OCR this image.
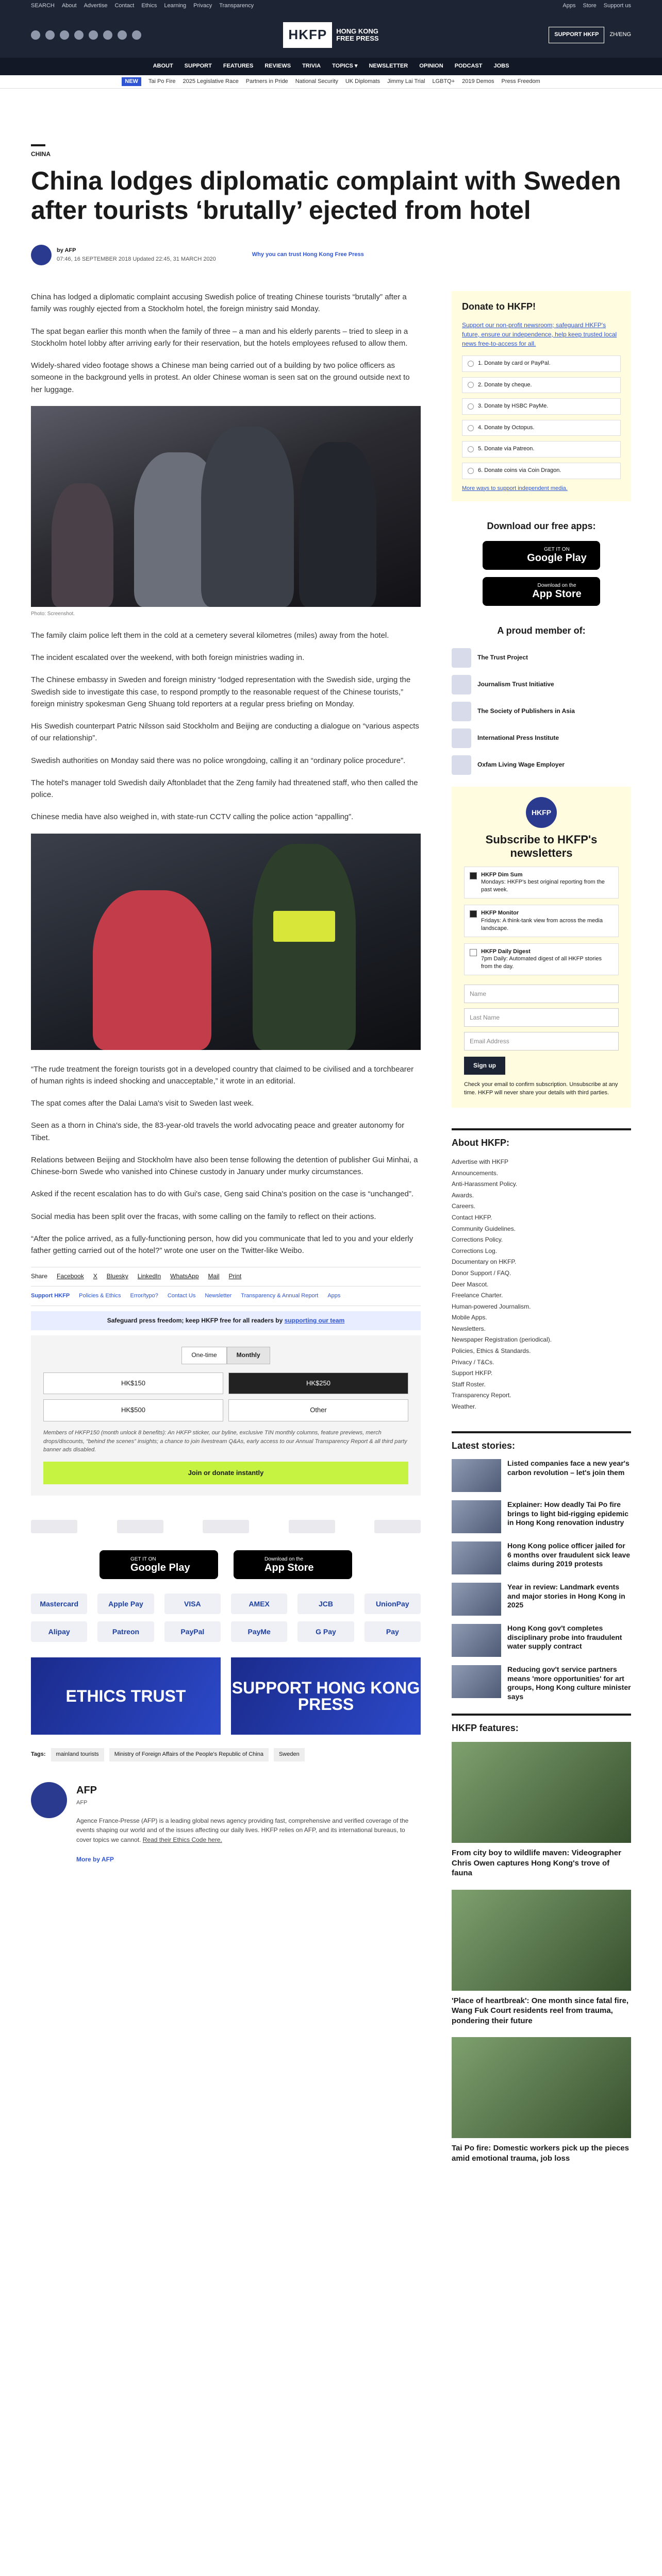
SEARCH About Advertise Contact Ethics Learning Privacy Transparency	Apps Store Support us
HKFP	HONG KONG
FREE PRESS	SUPPORT HKFP	ZH/ENG
ABOUT SUPPORT FEATURES REVIEWS TRIVIA TOPICS ▾ NEWSLETTER OPINION PODCAST JOBS
NEW	Tai Po Fire 2025 Legislative Race Partners in Pride National Security UK Diplomats Jimmy Lai Trial LGBTQ+ 2019 Demos Press Freedom
CHINA
China lodges diplomatic complaint with Sweden after tourists ‘brutally’ ejected from hotel
by AFP
07:46, 16 SEPTEMBER 2018 Updated 22:45, 31 MARCH 2020
Why you can trust Hong Kong Free Press

China has lodged a diplomatic complaint accusing Swedish police of treating Chinese tourists “brutally” after a family was roughly ejected from a Stockholm hotel, the foreign ministry said Monday.

The spat began earlier this month when the family of three – a man and his elderly parents – tried to sleep in a Stockholm hotel lobby after arriving early for their reservation, but the hotels employees refused to allow them.

Widely-shared video footage shows a Chinese man being carried out of a building by two police officers as someone in the background yells in protest. An older Chinese woman is seen sat on the ground outside next to her luggage.

Photo: Screenshot.

The family claim police left them in the cold at a cemetery several kilometres (miles) away from the hotel.

The incident escalated over the weekend, with both foreign ministries wading in.

The Chinese embassy in Sweden and foreign ministry “lodged representation with the Swedish side, urging the Swedish side to investigate this case, to respond promptly to the reasonable request of the Chinese tourists,” foreign ministry spokesman Geng Shuang told reporters at a regular press briefing on Monday.

His Swedish counterpart Patric Nilsson said Stockholm and Beijing are conducting a dialogue on “various aspects of our relationship”.

Swedish authorities on Monday said there was no police wrongdoing, calling it an “ordinary police procedure”.

The hotel's manager told Swedish daily Aftonbladet that the Zeng family had threatened staff, who then called the police.

Chinese media have also weighed in, with state-run CCTV calling the police action “appalling”.

“The rude treatment the foreign tourists got in a developed country that claimed to be civilised and a torchbearer of human rights is indeed shocking and unacceptable,” it wrote in an editorial.

The spat comes after the Dalai Lama's visit to Sweden last week.

Seen as a thorn in China's side, the 83-year-old travels the world advocating peace and greater autonomy for Tibet.

Relations between Beijing and Stockholm have also been tense following the detention of publisher Gui Minhai, a Chinese-born Swede who vanished into Chinese custody in January under murky circumstances.

Asked if the recent escalation has to do with Gui's case, Geng said China's position on the case is “unchanged”.

Social media has been split over the fracas, with some calling on the family to reflect on their actions.

“After the police arrived, as a fully-functioning person, how did you communicate that led to you and your elderly father getting carried out of the hotel?” wrote one user on the Twitter-like Weibo.

Share Facebook X Bluesky LinkedIn WhatsApp Mail Print
Support HKFP Policies & Ethics Error/typo? Contact Us Newsletter Transparency & Annual Report Apps
Safeguard press freedom; keep HKFP free for all readers by supporting our team
One-time	Monthly
HK$150	HK$250
HK$500	Other
Members of HKFP150 (month unlock 8 benefits): An HKFP sticker, our byline, exclusive TIN monthly columns, feature previews, merch drops/discounts, “behind the scenes” insights; a chance to join livestream Q&As, early access to our Annual Transparency Report & all third party banner ads disabled.
Join or donate instantly
GET IT ON
Google Play
Download on the
App Store
Mastercard	Apple Pay	VISA	AMEX	JCB	UnionPay
Alipay	Patreon	PayPal	PayMe	G Pay	Pay
ETHICS TRUST	SUPPORT HONG KONG PRESS
Tags:	mainland tourists	Ministry of Foreign Affairs of the People's Republic of China	Sweden
AFP
AFP

Agence France-Presse (AFP) is a leading global news agency providing fast, comprehensive and verified coverage of the events shaping our world and of the issues affecting our daily lives. HKFP relies on AFP, and its international bureaus, to cover topics we cannot. Read their Ethics Code here.

More by AFP

Donate to HKFP!
Support our non-profit newsroom; safeguard HKFP's future, ensure our independence, help keep trusted local news free-to-access for all.
1. Donate by card or PayPal.
2. Donate by cheque.
3. Donate by HSBC PayMe.
4. Donate by Octopus.
5. Donate via Patreon.
6. Donate coins via Coin Dragon.
More ways to support independent media.
Download our free apps:
GET IT ON
Google Play
Download on the
App Store
A proud member of:
The Trust Project
Journalism Trust Initiative
The Society of Publishers in Asia
International Press Institute
Oxfam Living Wage Employer
HKFP
Subscribe to HKFP's newsletters
HKFP Dim Sum
Mondays: HKFP's best original reporting from the past week.
HKFP Monitor
Fridays: A think-tank view from across the media landscape.
HKFP Daily Digest
7pm Daily: Automated digest of all HKFP stories from the day.
Name
Last Name
Email Address
Sign up
Check your email to confirm subscription. Unsubscribe at any time. HKFP will never share your details with third parties.
About HKFP:
Advertise with HKFP
Announcements.
Anti-Harassment Policy.
Awards.
Careers.
Contact HKFP.
Community Guidelines.
Corrections Policy.
Corrections Log.
Documentary on HKFP.
Donor Support / FAQ.
Deer Mascot.
Freelance Charter.
Human-powered Journalism.
Mobile Apps.
Newsletters.
Newspaper Registration (periodical).
Policies, Ethics & Standards.
Privacy / T&Cs.
Support HKFP.
Staff Roster.
Transparency Report.
Weather.
Latest stories:
Listed companies face a new year's carbon revolution – let's join them
Explainer: How deadly Tai Po fire brings to light bid-rigging epidemic in Hong Kong renovation industry
Hong Kong police officer jailed for 6 months over fraudulent sick leave claims during 2019 protests
Year in review: Landmark events and major stories in Hong Kong in 2025
Hong Kong gov't completes disciplinary probe into fraudulent water supply contract
Reducing gov't service partners means 'more opportunities' for art groups, Hong Kong culture minister says
HKFP features:
From city boy to wildlife maven: Videographer Chris Owen captures Hong Kong's trove of fauna
'Place of heartbreak': One month since fatal fire, Wang Fuk Court residents reel from trauma, pondering their future
Tai Po fire: Domestic workers pick up the pieces amid emotional trauma, job loss
